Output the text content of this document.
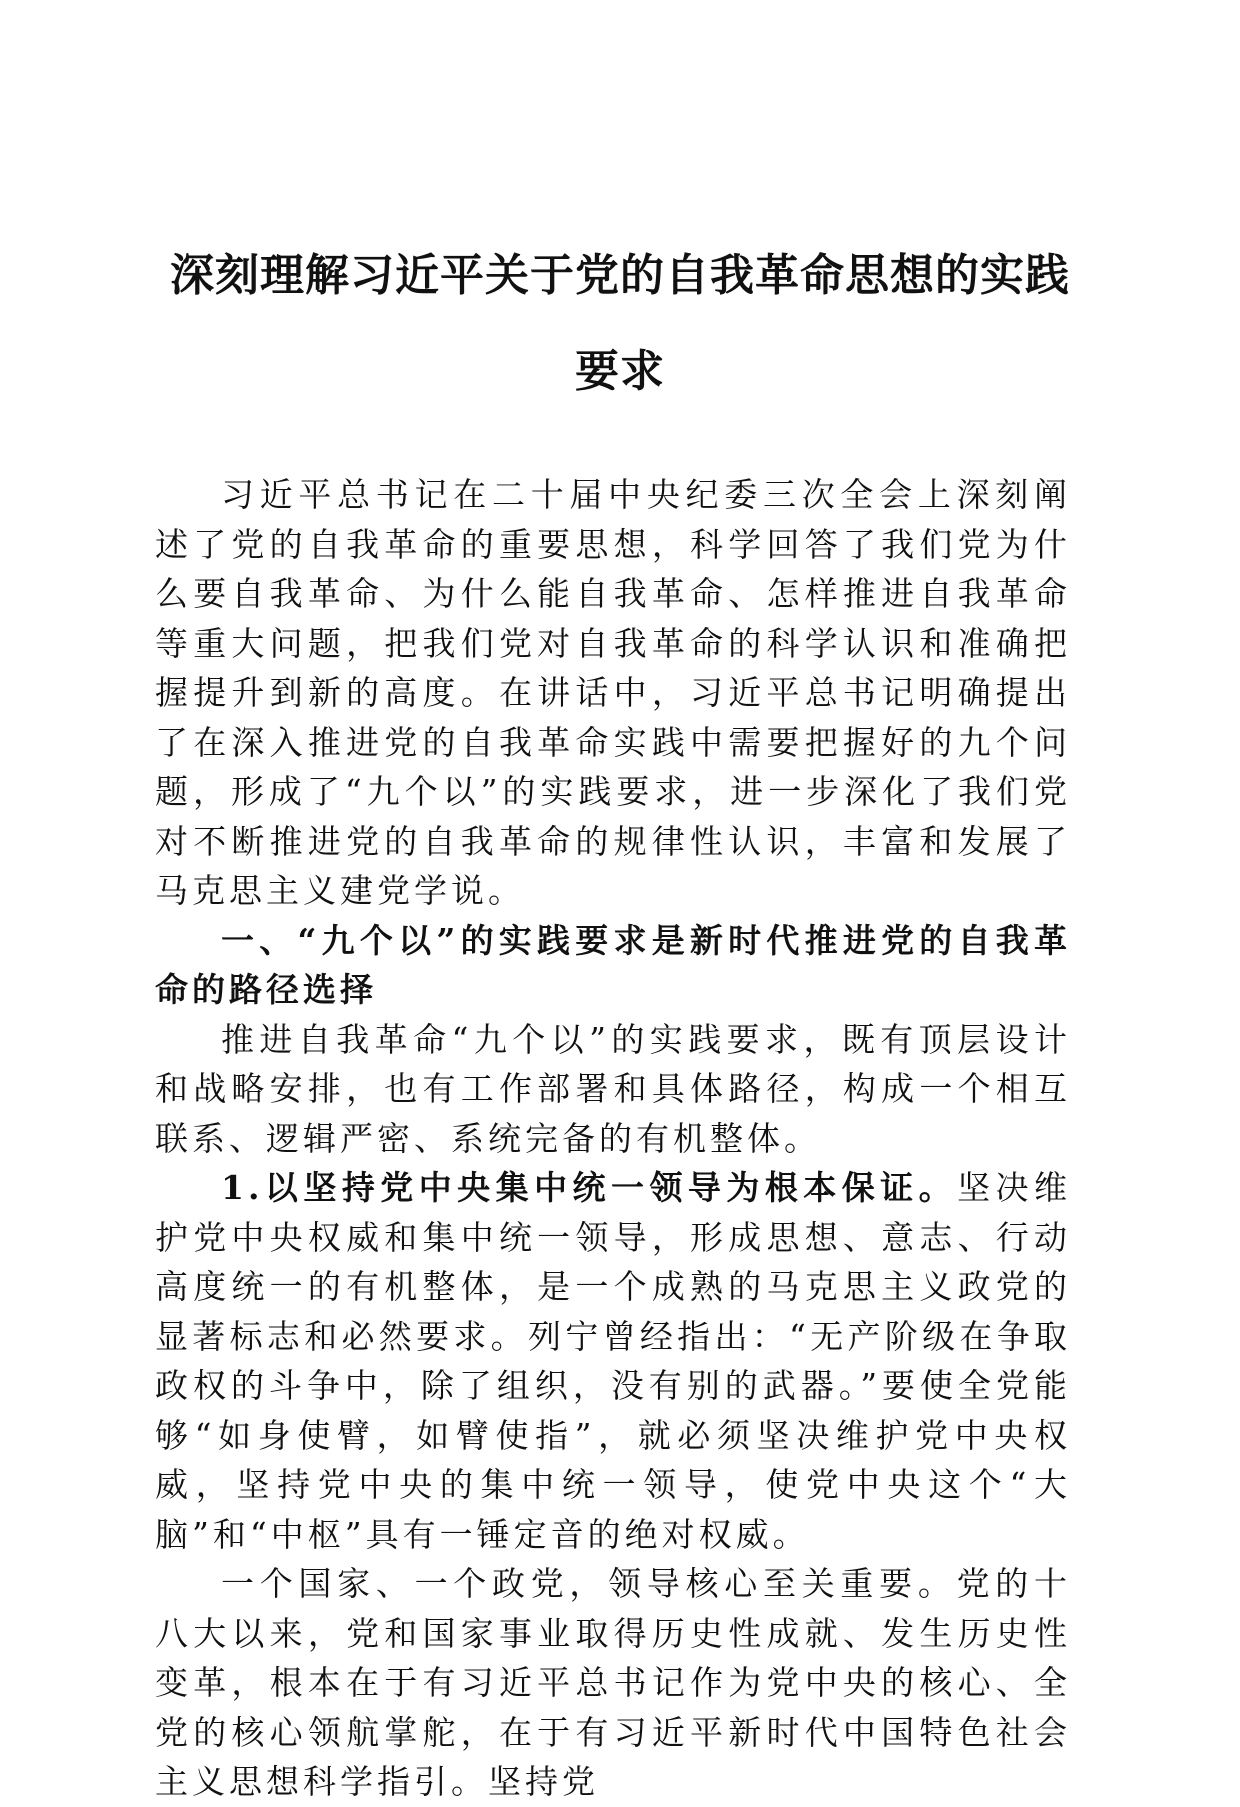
深刻理解习近平关于党的自我革命思想的实践
要求

习近平总书记在二十届中央纪委三次全会上深刻阐述了党的自我革命的重要思想，科学回答了我们党为什么要自我革命、为什么能自我革命、怎样推进自我革命等重大问题，把我们党对自我革命的科学认识和准确把握提升到新的高度。在讲话中，习近平总书记明确提出了在深入推进党的自我革命实践中需要把握好的九个问题，形成了“九个以”的实践要求，进一步深化了我们党对不断推进党的自我革命的规律性认识，丰富和发展了马克思主义建党学说。

一、“九个以”的实践要求是新时代推进党的自我革命的路径选择

推进自我革命“九个以”的实践要求，既有顶层设计和战略安排，也有工作部署和具体路径，构成一个相互联系、逻辑严密、系统完备的有机整体。

1.以坚持党中央集中统一领导为根本保证。坚决维护党中央权威和集中统一领导，形成思想、意志、行动高度统一的有机整体，是一个成熟的马克思主义政党的显著标志和必然要求。列宁曾经指出：“无产阶级在争取政权的斗争中，除了组织，没有别的武器。”要使全党能够“如身使臂，如臂使指”，就必须坚决维护党中央权威，坚持党中央的集中统一领导，使党中央这个“大脑”和“中枢”具有一锤定音的绝对权威。

一个国家、一个政党，领导核心至关重要。党的十八大以来，党和国家事业取得历史性成就、发生历史性变革，根本在于有习近平总书记作为党中央的核心、全党的核心领航掌舵，在于有习近平新时代中国特色社会主义思想科学指引。坚持党
